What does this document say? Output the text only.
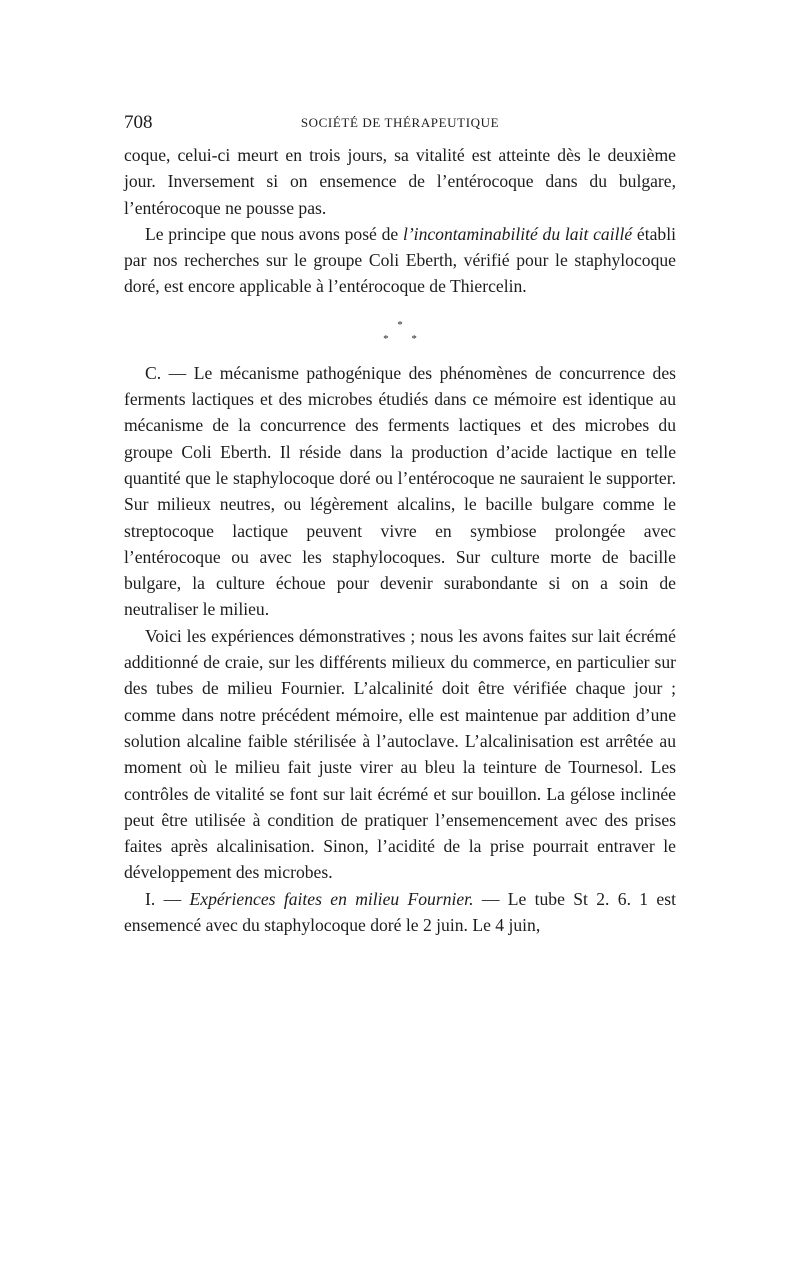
708	SOCIÉTÉ DE THÉRAPEUTIQUE

coque, celui-ci meurt en trois jours, sa vitalité est atteinte dès le deuxième jour. Inversement si on ensemence de l’entérocoque dans du bulgare, l’entérocoque ne pousse pas.

Le principe que nous avons posé de l’incontaminabilité du lait caillé établi par nos recherches sur le groupe Coli Eberth, vérifié pour le staphylocoque doré, est encore applicable à l’entérocoque de Thiercelin.

*
* *

C. — Le mécanisme pathogénique des phénomènes de concurrence des ferments lactiques et des microbes étudiés dans ce mémoire est identique au mécanisme de la concurrence des ferments lactiques et des microbes du groupe Coli Eberth. Il réside dans la production d’acide lactique en telle quantité que le staphylocoque doré ou l’entérocoque ne sauraient le supporter. Sur milieux neutres, ou légèrement alcalins, le bacille bulgare comme le streptocoque lactique peuvent vivre en symbiose prolongée avec l’entérocoque ou avec les staphylocoques. Sur culture morte de bacille bulgare, la culture échoue pour devenir surabondante si on a soin de neutraliser le milieu.

Voici les expériences démonstratives ; nous les avons faites sur lait écrémé additionné de craie, sur les différents milieux du commerce, en particulier sur des tubes de milieu Fournier. L’alcalinité doit être vérifiée chaque jour ; comme dans notre précédent mémoire, elle est maintenue par addition d’une solution alcaline faible stérilisée à l’autoclave. L’alcalinisation est arrêtée au moment où le milieu fait juste virer au bleu la teinture de Tournesol. Les contrôles de vitalité se font sur lait écrémé et sur bouillon. La gélose inclinée peut être utilisée à condition de pratiquer l’ensemencement avec des prises faites après alcalinisation. Sinon, l’acidité de la prise pourrait entraver le développement des microbes.

I. — Expériences faites en milieu Fournier. — Le tube St 2. 6. 1 est ensemencé avec du staphylocoque doré le 2 juin. Le 4 juin,
